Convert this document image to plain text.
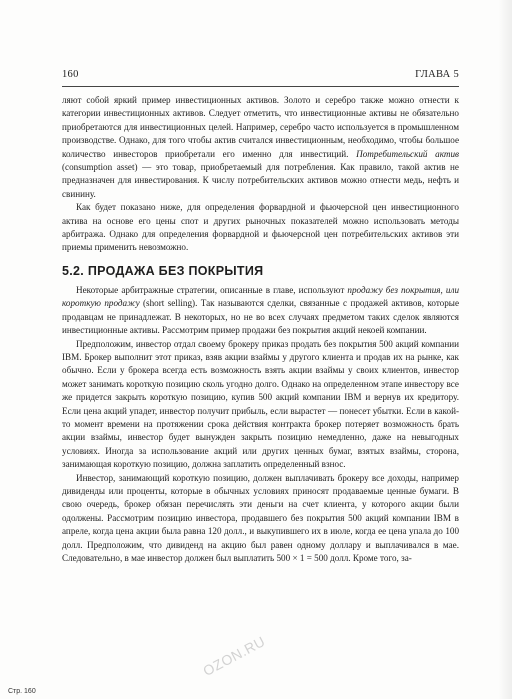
160	ГЛАВА 5

ляют собой яркий пример инвестиционных активов. Золото и серебро также можно отнести к категории инвестиционных активов. Следует отметить, что инвестиционные активы не обязательно приобретаются для инвестиционных целей. Например, серебро часто используется в промышленном производстве. Однако, для того чтобы актив считался инвестиционным, необходимо, чтобы большое количество инвесторов приобретали его именно для инвестиций. Потребительский актив (consumption asset) — это товар, приобретаемый для потребления. Как правило, такой актив не предназначен для инвестирования. К числу потребительских активов можно отнести медь, нефть и свинину.

Как будет показано ниже, для определения форвардной и фьючерсной цен инвестиционного актива на основе его цены спот и других рыночных показателей можно использовать методы арбитража. Однако для определения форвардной и фьючерсной цен потребительских активов эти приемы применить невозможно.

5.2. ПРОДАЖА БЕЗ ПОКРЫТИЯ

Некоторые арбитражные стратегии, описанные в главе, используют продажу без покрытия, или короткую продажу (short selling). Так называются сделки, связанные с продажей активов, которые продавцам не принадлежат. В некоторых, но не во всех случаях предметом таких сделок являются инвестиционные активы. Рассмотрим пример продажи без покрытия акций некоей компании.

Предположим, инвестор отдал своему брокеру приказ продать без покрытия 500 акций компании IBM. Брокер выполнит этот приказ, взяв акции взаймы у другого клиента и продав их на рынке, как обычно. Если у брокера всегда есть возможность взять акции взаймы у своих клиентов, инвестор может занимать короткую позицию сколь угодно долго. Однако на определенном этапе инвестору все же придется закрыть короткую позицию, купив 500 акций компании IBM и вернув их кредитору. Если цена акций упадет, инвестор получит прибыль, если вырастет — понесет убытки. Если в какой-то момент времени на протяжении срока действия контракта брокер потеряет возможность брать акции взаймы, инвестор будет вынужден закрыть позицию немедленно, даже на невыгодных условиях. Иногда за использование акций или других ценных бумаг, взятых взаймы, сторона, занимающая короткую позицию, должна заплатить определенный взнос.

Инвестор, занимающий короткую позицию, должен выплачивать брокеру все доходы, например дивиденды или проценты, которые в обычных условиях приносят продаваемые ценные бумаги. В свою очередь, брокер обязан перечислять эти деньги на счет клиента, у которого акции были одолжены. Рассмотрим позицию инвестора, продавшего без покрытия 500 акций компании IBM в апреле, когда цена акции была равна 120 долл., и выкупившего их в июле, когда ее цена упала до 100 долл. Предположим, что дивиденд на акцию был равен одному доллару и выплачивался в мае. Следовательно, в мае инвестор должен был выплатить 500 × 1 = 500 долл. Кроме того, за-

OZON.RU
Стр. 160
